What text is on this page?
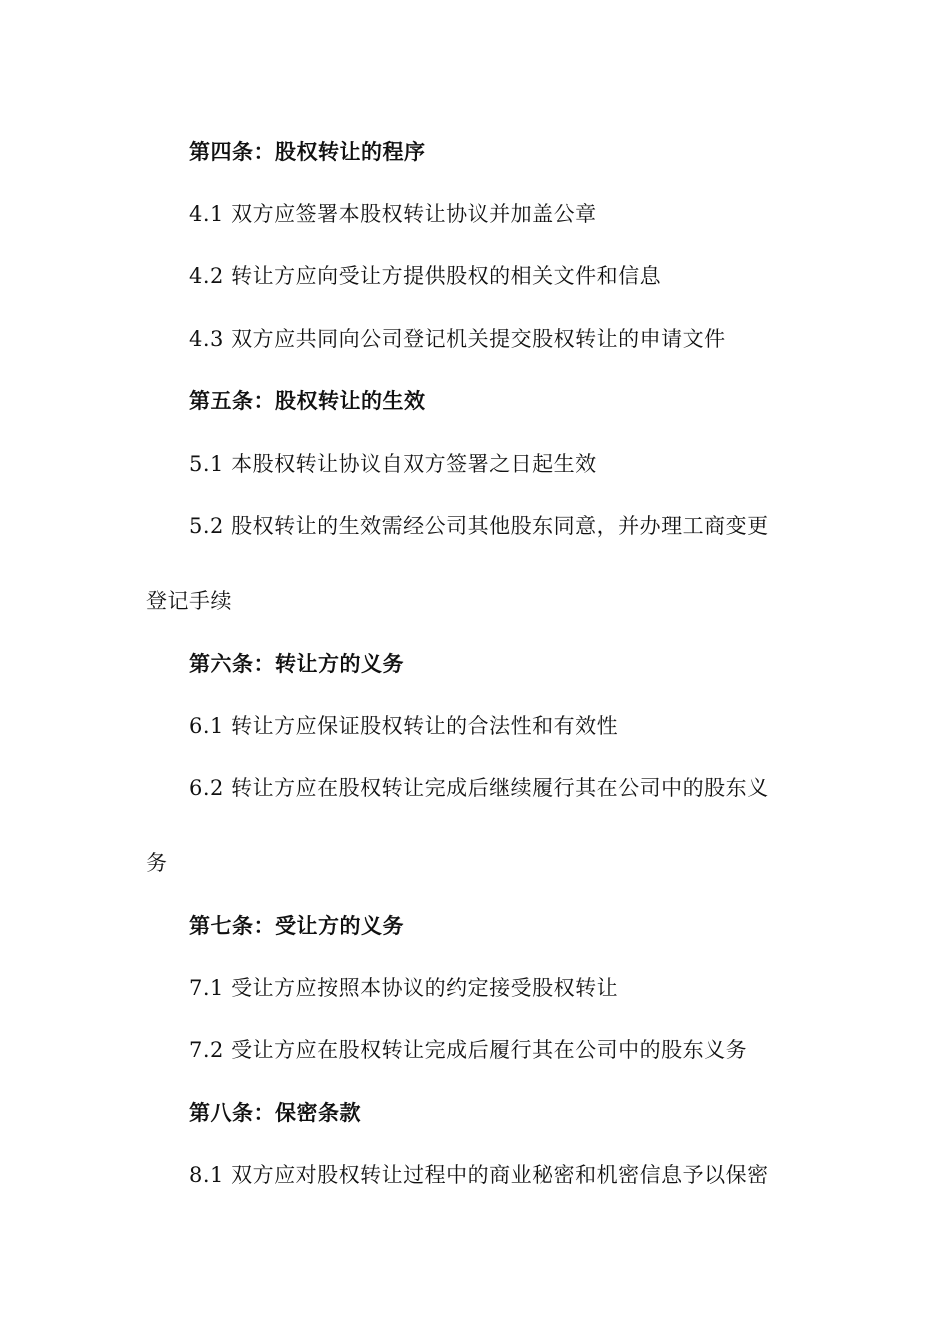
第四条：股权转让的程序
4.1 双方应签署本股权转让协议并加盖公章
4.2 转让方应向受让方提供股权的相关文件和信息
4.3 双方应共同向公司登记机关提交股权转让的申请文件
第五条：股权转让的生效
5.1 本股权转让协议自双方签署之日起生效
5.2 股权转让的生效需经公司其他股东同意，并办理工商变更
登记手续
第六条：转让方的义务
6.1 转让方应保证股权转让的合法性和有效性
6.2 转让方应在股权转让完成后继续履行其在公司中的股东义
务
第七条：受让方的义务
7.1 受让方应按照本协议的约定接受股权转让
7.2 受让方应在股权转让完成后履行其在公司中的股东义务
第八条：保密条款
8.1 双方应对股权转让过程中的商业秘密和机密信息予以保密
